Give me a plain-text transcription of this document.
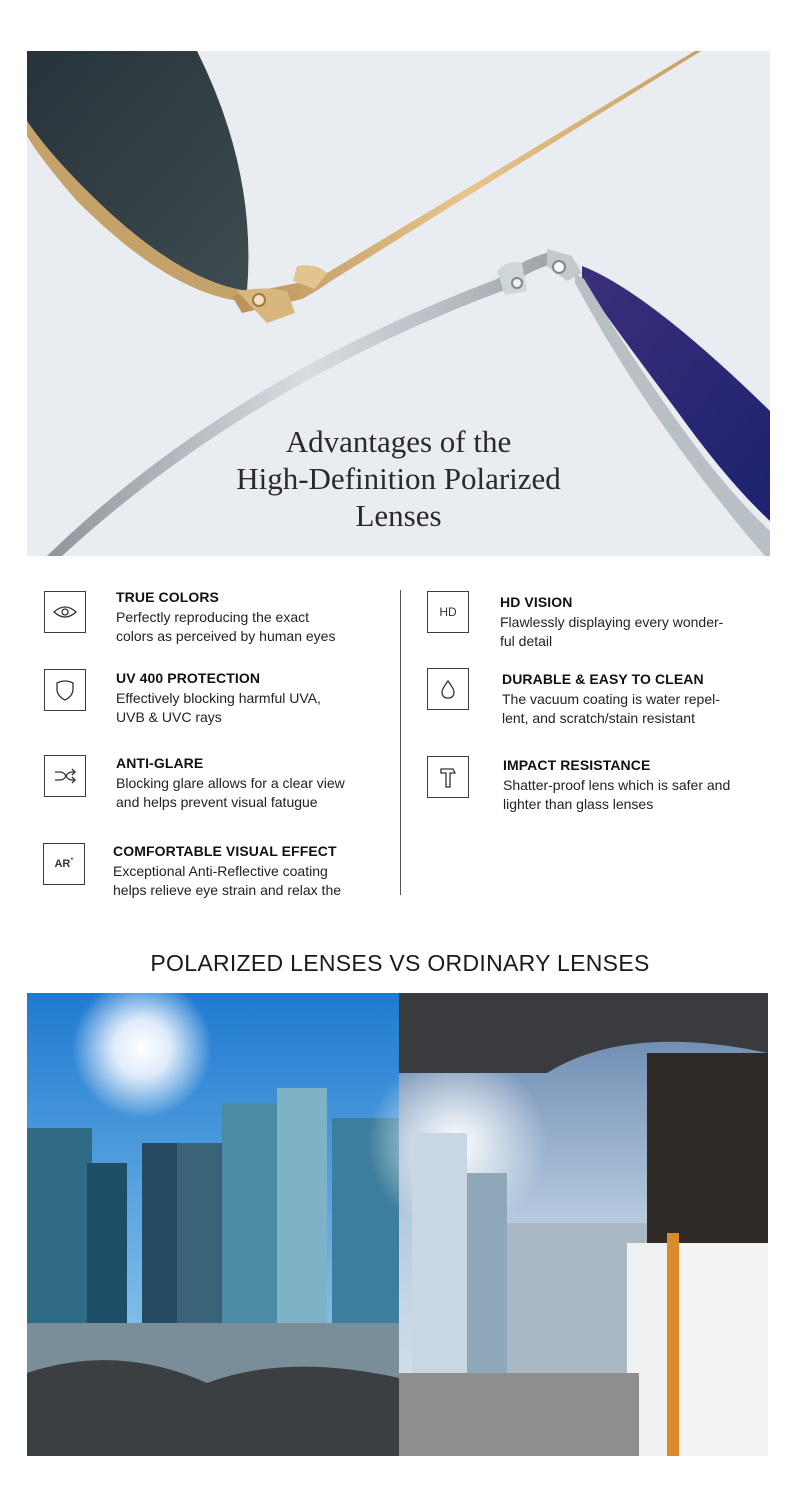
Advantages of the
High-Definition Polarized
Lenses
TRUE COLORS
Perfectly reproducing the exact
colors as perceived by human eyes
UV 400 PROTECTION
Effectively blocking harmful UVA,
UVB & UVC rays
ANTI-GLARE
Blocking glare allows for a clear view
and helps prevent visual fatugue
AR *
COMFORTABLE VISUAL EFFECT
Exceptional Anti-Reflective coating
helps relieve eye strain and relax the
HD
HD VISION
Flawlessly displaying every wonder-
ful detail
DURABLE & EASY TO CLEAN
The vacuum coating is water repel-
lent, and scratch/stain resistant
IMPACT RESISTANCE
Shatter-proof lens which is safer and
lighter than glass lenses
POLARIZED LENSES VS ORDINARY LENSES
